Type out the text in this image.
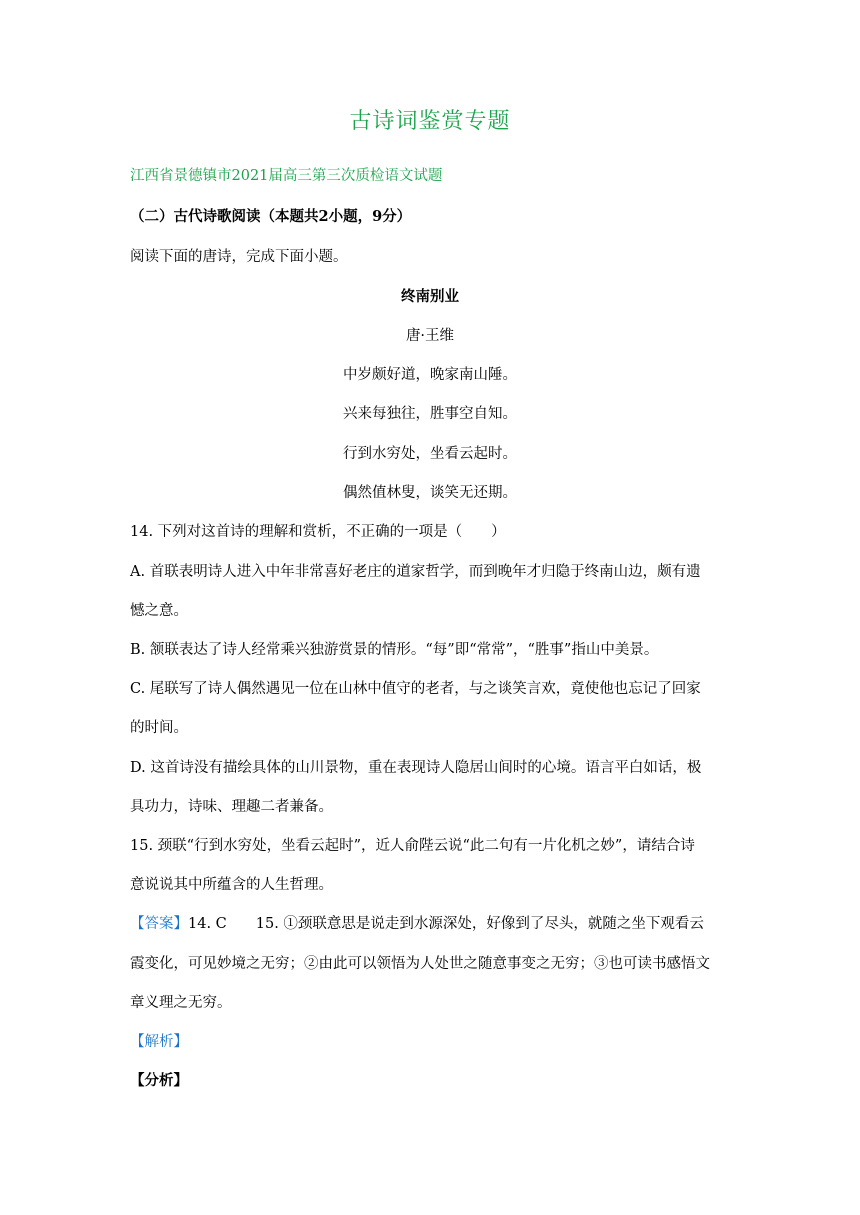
古诗词鉴赏专题
江西省景德镇市2021届高三第三次质检语文试题
（二）古代诗歌阅读（本题共2小题，9分）
阅读下面的唐诗，完成下面小题。
终南别业
唐·王维
中岁颇好道，晚家南山陲。
兴来每独往，胜事空自知。
行到水穷处，坐看云起时。
偶然值林叟，谈笑无还期。
14. 下列对这首诗的理解和赏析，不正确的一项是（　　）
A. 首联表明诗人进入中年非常喜好老庄的道家哲学，而到晚年才归隐于终南山边，颇有遗
憾之意。
B. 颔联表达了诗人经常乘兴独游赏景的情形。“每”即“常常”，“胜事”指山中美景。
C. 尾联写了诗人偶然遇见一位在山林中值守的老者，与之谈笑言欢，竟使他也忘记了回家
的时间。
D. 这首诗没有描绘具体的山川景物，重在表现诗人隐居山间时的心境。语言平白如话，极
具功力，诗味、理趣二者兼备。
15. 颈联“行到水穷处，坐看云起时”，近人俞陛云说“此二句有一片化机之妙”，请结合诗
意说说其中所蕴含的人生哲理。
【答案】14. C　　15. ①颈联意思是说走到水源深处，好像到了尽头，就随之坐下观看云
霞变化，可见妙境之无穷；②由此可以领悟为人处世之随意事变之无穷；③也可读书感悟文
章义理之无穷。
【解析】
【分析】
